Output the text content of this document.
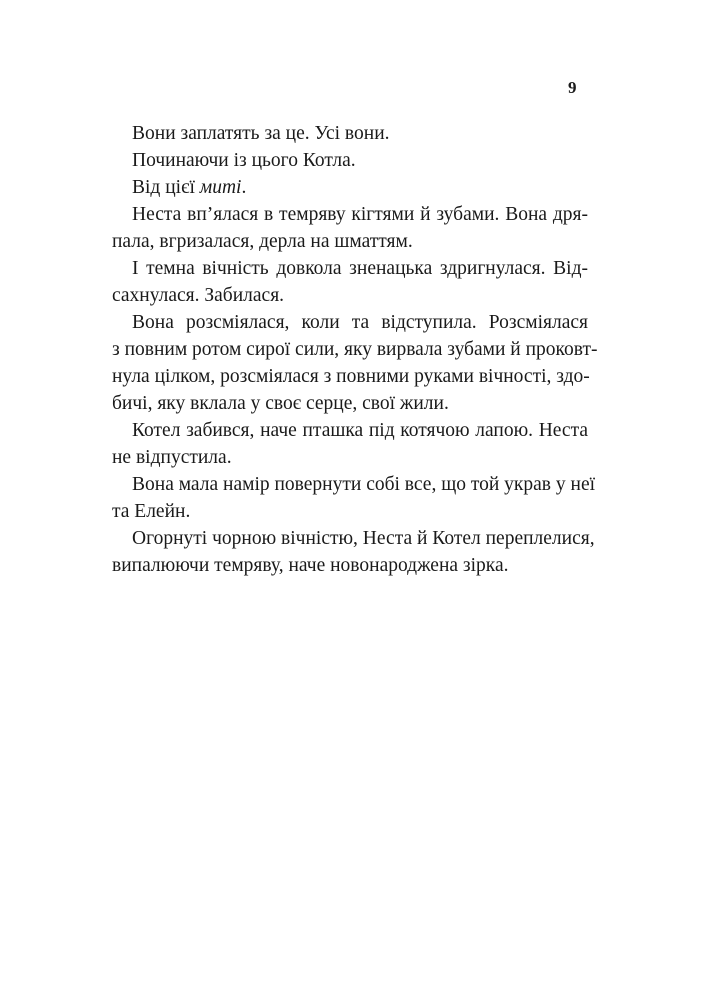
9
Вони заплатять за це. Усі вони.
Починаючи із цього Котла.
Від цієї миті.
Неста вп’ялася в темряву кігтями й зубами. Вона дря-
пала, вгризалася, дерла на шматтям.
І темна вічність довкола зненацька здригнулася. Від-
сахнулася. Забилася.
Вона розсміялася, коли та відступила. Розсміялася
з повним ротом сирої сили, яку вирвала зубами й проковт-
нула цілком, розсміялася з повними руками вічності, здо-
бичі, яку вклала у своє серце, свої жили.
Котел забився, наче пташка під котячою лапою. Неста
не відпустила.
Вона мала намір повернути собі все, що той украв у неї
та Елейн.
Огорнуті чорною вічністю, Неста й Котел переплелися,
випалюючи темряву, наче новонароджена зірка.
